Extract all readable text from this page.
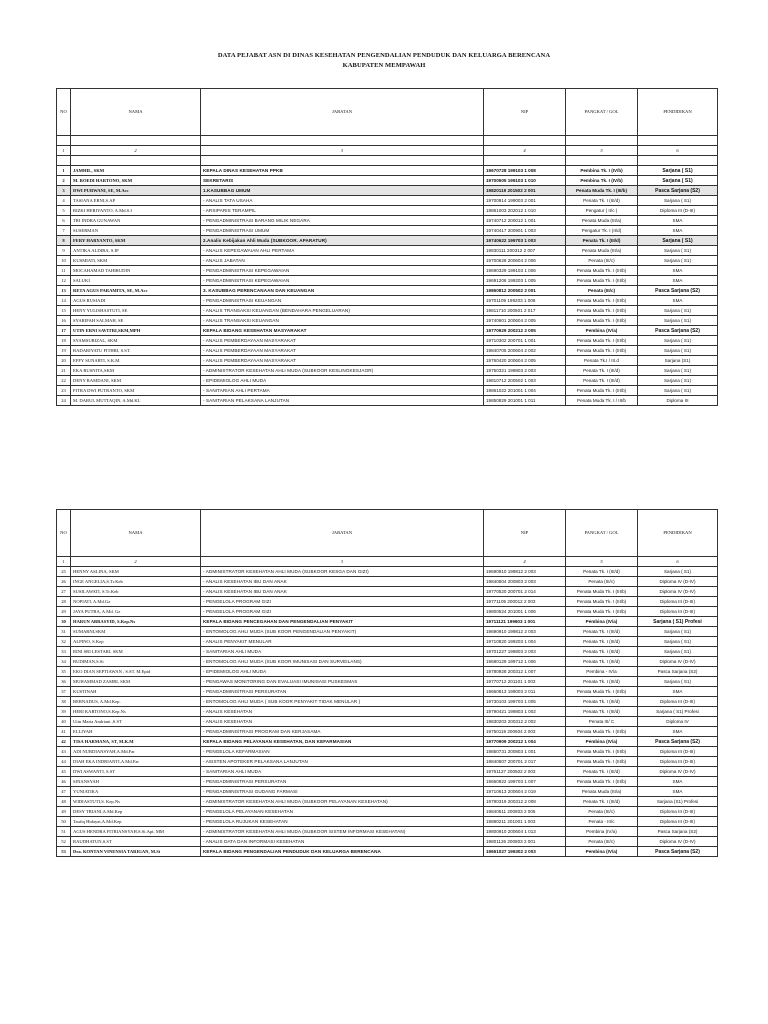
DATA PEJABAT ASN DI DINAS KESEHATAN PENGENDALIAN PENDUDUK DAN KELUARGA BERENCANA
KABUPATEN MEMPAWAH
NO	NAMA	JABATAN	NIP	PANGKAT / GOL	PENDIDIKAN

1	2	3	4	5	6

1	JAMHIL, SKM	KEPALA DINAS KESEHATAN PPKB	19670728 199103 1 008	Pembina Tk. I (IV/b)	Sarjana ( S1)
2	M. ROEDI HARTONO, SKM	SEKRETARIS	19700505 199103 1 010	Pembina Tk. I (IV/b)	Sarjana ( S1)
3	DWI PURWANI, SE, M.Acc	1.KASUBBAG UMUM	19820119 201502 2 001	Penata Muda Tk. I (III/b)	Pasca Sarjana (S2)
4	TASIANA ERNI,S.AP	- ANALIS TATA USAHA	19700914 199003 2 001	Penata Tk. I (III/d)	Sarjana ( S1)
5	RIZKI HERIYANTO, A.Md.S.I	- ARSIPARIS TERAMPIL	19861003 202012 1 010	Pengatur ( II/c )	Diploma III (D-III)
6	TRI INDRA GUNAWAN	- PENGADMINISTRASI BARANG MILIK NEGARA	19740712 200012 1 001	Penata Muda (III/a)	SMA
7	SUSERMAN	- PENGADMINISTRASI UMUM	19740417 200901 1 003	Pengatur Tk. I (II/d)	SMA
8	FERY HARYANTO, SKM	2.Analis Kebijakan Ahli Muda (SUBKOOR. APARATUR)	19740622 199703 1 003	Penata Tk. I (III/d)	Sarjana ( S1)
9	ANTIKA ALDIRA, S.IP	- ANALIS KEPEGAWAIAN AHLI PERTAMA	19830111 200312 2 007	Penata Muda (III/a)	Sarjana ( S1)
10	KUSMIATI, SKM	- ANALIS JABATAN	19700628 200604 2 006	Penata (III/c)	Sarjana ( S1)
11	MOCAHAMAD TAHIRUDIN	- PENGADMINISTRASI KEPEGAWAIAN	19690329 199103 1 006	Penata Muda Tk. I (III/b)	SMA
12	SALUKI	- PENGADMINISTRASI KEPEGAWAIAN	19691206 199203 1 005	Penata Muda Tk. I (III/b)	SMA
13	RETA AGUS PARAMITA, SE, M.Acc	3. KASUBBAG PERENCANAAN DAN KEUANGAN	19860812 200502 2 001	Penata (III/c)	Pasca Sarjana (S2)
14	AGUS RUSIADI	- PENGADMINISTRASI KEUANGAN	19701109 199203 1 006	Penata Muda Tk. I (III/b)	SMA
15	HENY YULISHASTUTI, SE	- ANALIS TRANSAKSI KEUANGAN (BENDAHARA PENGELUARAN)	19811710 200501 2 017	Penata Muda Tk. I (III/b)	Sarjana ( S1)
16	SYARIFAH SALMAH, SE	- ANALIS TRANSAKSI KEUANGAN	19740601 200604 2 005	Penata Muda Tk. I (III/b)	Sarjana ( S1)
17	UTIN ERNI SAVITRI,SKM,MPH	KEPALA BIDANG KESEHATAN MASYARAKAT	19770929 200212 2 005	Pembina (IV/a)	Pasca Sarjana (S2)
18	SYAMSURIZAL, SKM	- ANALIS PEMBERDAYAAN MASYARAKAT	19710302 200701 1 001	Penata Muda Tk. I (III/b)	Sarjana ( S1)
19	BADARIYATU FITHRI, S.ST.	- ANALIS PEMBERDAYAAN MASYARAKAT	19840705 200604 2 002	Penata Muda Tk. I (III/b)	Sarjana ( S1)
20	EFFY SUNARTI, S.K.M.	- ANALIS PEMBERDAYAAN MASYARAKAT	19760420 200604 2 005	Penata Tk.I / III.d	Sarjana (S1)
21	EKA RUSNITA,SKM	- ADMINISTRATOR KESEHATAN AHLI MUDA (SUBKOOR KESLINGKESJAOR)	19750321 199803 2 003	Penata Tk. I (III/d)	Sarjana ( S1)
22	DENY RAMDANI, SKM	- EPIDEMIOLOG AHLI MUDA	19810712 200502 1 003	Penata Tk. I (III/d)	Sarjana ( S1)
23	FITRA DWI PUTRANTO, SKM	- SANITARIAN AHLI PERTAMA	19861022 201001 1 004	Penata Muda Tk. I (III/b)	Sarjana ( S1)
24	M. DARUL MUTTAQIN, A.Md.KL	- SANITARIAN PELAKSANA LANJUTAN	19850829 201001 1 011	Penata Muda Tk. I / III/b	Diploma III
NO	NAMA	JABATAN	NIP	PANGKAT / GOL	PENDIDIKAN
1	2	3	4	5	6
25	HENNY ASLINA, SKM	- ADMINISTRATOR KESEHATAN AHLI MUDA (SUBKOOR KESGA DAN GIZI)	19690910 199812 2 003	Penata Tk. I (III/d)	Sarjana ( S1)
26	INGE ANGELIA,S.Tr.Keb	- ANALIS KESEHATAN IBU DAN ANAK	19840504 200803 2 003	Penata (III/c)	Diploma IV (D-IV)
27	SUSILAWATI, S.Tr.Keb	- ANALIS KESEHATAN IBU DAN ANAK	19770520 200701 2 014	Penata Muda Tk. I (III/b)	Diploma IV (D-IV)
28	NOPIATI, A.Md.Gz	- PENGELOLA PROGRAM GIZI	19771105 200012 2 003	Penata Muda Tk. I (III/b)	Diploma III (D-III)
29	JAYA PUTRA, A.Md. Gz	- PENGELOLA PROGRAM GIZI	19800524 201001 1 006	Penata Muda Tk. I (III/b)	Diploma III (D-III)
30	HARUN ABRASYID, S.Kep.Ns	KEPALA BIDANG PENCEGAHAN DAN PENGENDALIAN PENYAKIT	19711121 199603 1 001	Pembina (IV/a)	Sarjana ( S1) Profesi
31	SUMARNI,SKM	- ENTOMOLOG AHLI MUDA (SUB KOOR PENGENDALIAN PENYAKIT)	19690910 199812 2 003	Penata Tk. I (III/d)	Sarjana ( S1)
32	ALPINO, S.Kep	- ANALIS PENYAKIT MENULAR	19710820 199203 1 004	Penata Tk. I (III/d)	Sarjana ( S1)
33	RINI SRI LESTARI, SKM	- SANITARIAN AHLI MUDA	19701227 199803 2 003	Penata Tk. I (III/d)	Sarjana ( S1)
34	BUDIMAN,S.Si	- ENTOMOLOG AHLI MUDA (SUB KOOR IMUNISASI DAN SURVEILANS)	19680129 199712 1 006	Penata Tk. I (III/d)	Diploma IV (D-IV)
35	EKO DIAN SEPTIAWAN , S.ST. M.Epid	- EPIDEMIOLOG AHLI MUDA	19780928 200312 1 007	Pembina - IV/a	Pasca Sarjana (S2)
36	MUHAMMAD ZAMRI, SKM	- PENGAWAS MONITORING DAN EVALUASI IMUNISASI PUSKESMAS	19770712 201101 1 003	Penata Tk. I (III/d)	Sarjana ( S1)
37	KUSTINAH	- PENGADMINISTRASI PERSURATAN	19660813 199003 2 011	Penata Muda Tk. I (III/b)	SMA
38	BERNADUS, A.Md.Kep.	- ENTOMOLOG AHLI MUDA ( SUB KOOR PENYAKIT TIDAK MENULAR )	19730103 199703 1 005	Penata Tk. I (III/d)	Diploma III (D-III)
39	HERI KARTONO,S.Kep.Ns	- ANALIS KESEHATAN	19790421 199803 1 002	Penata Tk. I (III/d)	Sarjana ( S1) Profesi
40	Utin Maria Andriani ,S.ST	- ANALIS KESEHATAN	19830203 200312 2 002	Penata III/ C	Diploma IV
41	ELLIYAH	- PENGADMINISTRASI PROGRAM DAN KERJASAMA	19750119 200604 2 003	Penata Muda Tk. I (III/b)	SMA
42	TISA HARMANA, ST, M.K.M	KEPALA BIDANG PELAYANAN KESEHATAN, DAN KEFARMASIAN	19770909 200212 1 004	Pembina (IV/a)	Pasca Sarjana (S2)
43	ADI NURDIANSYAH,A.Md.Far	- PENGELOLA KEFARMASIAN	19850731 200803 1 001	Penata Muda Tk. I (III/b)	Diploma III (D-III)
44	DIAH EKA INDRIANTI,A.Md.Far	- ASISTEN APOTEKER PELAKSANA LANJUTAN	19840507 200701 2 017	Penata Muda Tk. I (III/b)	Diploma III (D-III)
45	DWI ASWANTI, S.ST	- SANITARIAN AHLI MUDA	19761127 200502 2 003	Penata Tk. I (III/d)	Diploma IV (D-IV)
46	SINANSYAH	- PENGADMINISTRASI PERSURATAN	19660922 199703 1 007	Penata Muda Tk. I (III/b)	SMA
47	YUNIATIKA	- PENGADMINISTRASI GUDANG FARMASI	19710613 200604 2 019	Penata Muda (III/a)	SMA
48	WIDIASTUTI,S. Kep.Ns	- ADMINISTRATOR KESEHATAN AHLI MUDA (SUBKOOR PELAYANAN KESEHATAN)	19790319 200312 2 008	Penata Tk. I (III/d)	Sarjana (S1) Profesi
49	DESY TRIANI,A.Md.Kep	- PENGELOLA PELAYANAN KESEHATAN	19840511 200803 2 005	Penata (III/c)	Diploma III (D-III)
50	Taufiq Hidayat,A.Md.Kep	- PENGELOLA RUJUKAN KESEHATAN	19880211 201001 1 003	Penata - III/c	Diploma III (D-III)
51	AGUS HENDRA FITRIANSYAH,S.Si.Apt, MM	- ADMINISTRATOR KESEHATAN AHLI MUDA (SUBKOOR SISTEM INFORMASI KESEHATAN)	19800910 200604 1 013	Pembina (IV/a)	Pasca Sarjana (S2)
52	RAUDHATUN,S.ST	- ANALIS DATA DAN INFORMASI KESEHATAN	19801126 200803 2 001	Penata (III/c)	Diploma IV (D-IV)
53	Dra. KONTAN VINENSIA TARIGAN, M.Si	KEPALA BIDANG PENGENDALIAN PENDUDUK DAN KELUARGA BERENCANA	19651027 199302 2 003	Pembina (IV/a)	Pasca Sarjana (S2)
